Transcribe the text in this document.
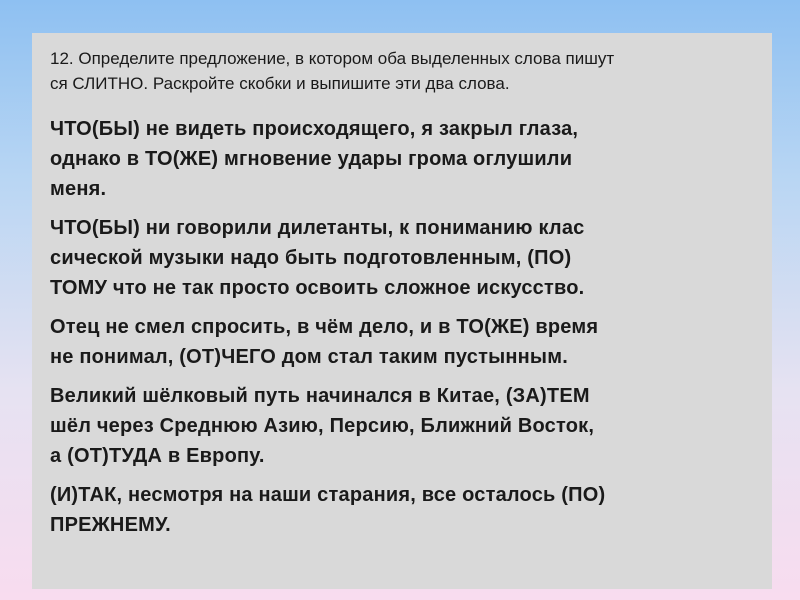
12. Определите предложение, в котором оба выделенных слова пишут
ся СЛИТНО. Раскройте скобки и выпишите эти два слова.

ЧТО(БЫ) не видеть происходящего, я закрыл глаза,
однако в ТО(ЖЕ) мгновение удары грома оглушили
меня.
ЧТО(БЫ) ни говорили дилетанты, к пониманию клас
сической музыки надо быть подготовленным, (ПО)
ТОМУ что не так просто освоить сложное искусство.
Отец не смел спросить, в чём дело, и в ТО(ЖЕ) время
не понимал, (ОТ)ЧЕГО дом стал таким пустынным.
Великий шёлковый путь начинался в Китае, (ЗА)ТЕМ
шёл через Среднюю Азию, Персию, Ближний Восток,
а (ОТ)ТУДА в Европу.
(И)ТАК, несмотря на наши старания, все осталось (ПО)
ПРЕЖНЕМУ.
